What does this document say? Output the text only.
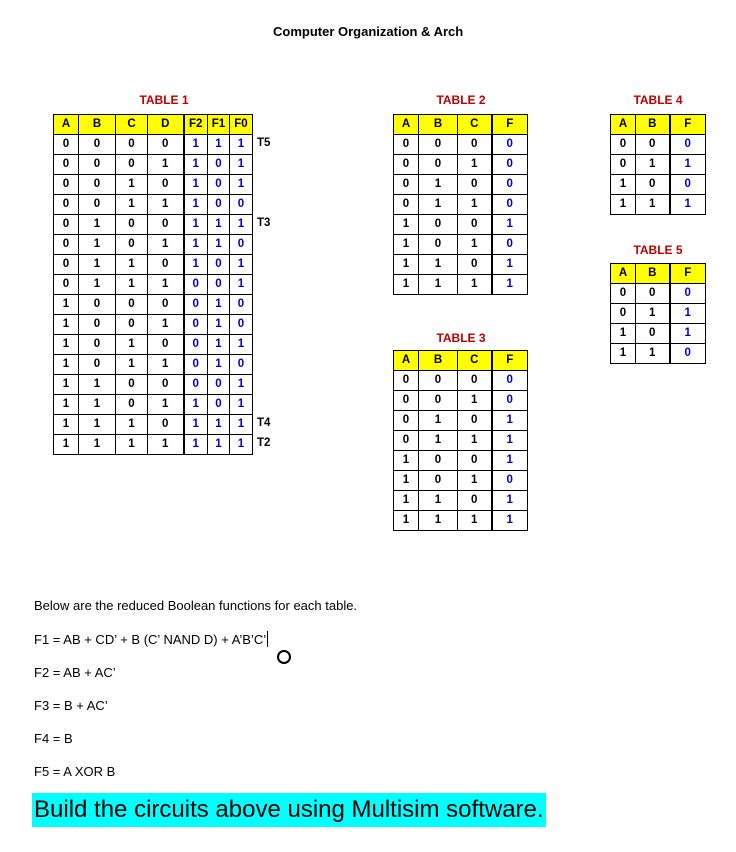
Computer Organization & Arch
TABLE 1
A	B	C	D	F2	F1	F0
0	0	0	0	1	1	1
0	0	0	1	1	0	1
0	0	1	0	1	0	1
0	0	1	1	1	0	0
0	1	0	0	1	1	1
0	1	0	1	1	1	0
0	1	1	0	1	0	1
0	1	1	1	0	0	1
1	0	0	0	0	1	0
1	0	0	1	0	1	0
1	0	1	0	0	1	1
1	0	1	1	0	1	0
1	1	0	0	0	0	1
1	1	0	1	1	0	1
1	1	1	0	1	1	1
1	1	1	1	1	1	1
T5
T3
T4
T2
TABLE 2
A	B	C	F
0	0	0	0
0	0	1	0
0	1	0	0
0	1	1	0
1	0	0	1
1	0	1	0
1	1	0	1
1	1	1	1
TABLE 3
A	B	C	F
0	0	0	0
0	0	1	0
0	1	0	1
0	1	1	1
1	0	0	1
1	0	1	0
1	1	0	1
1	1	1	1
TABLE 4
A	B	F
0	0	0
0	1	1
1	0	0
1	1	1
TABLE 5
A	B	F
0	0	0
0	1	1
1	0	1
1	1	0
Below are the reduced Boolean functions for each table.
F1 = AB + CD’ + B (C’ NAND D) + A’B’C’
F2 = AB + AC’
F3 = B + AC’
F4 = B
F5 = A XOR B
Build the circuits above using Multisim software.
